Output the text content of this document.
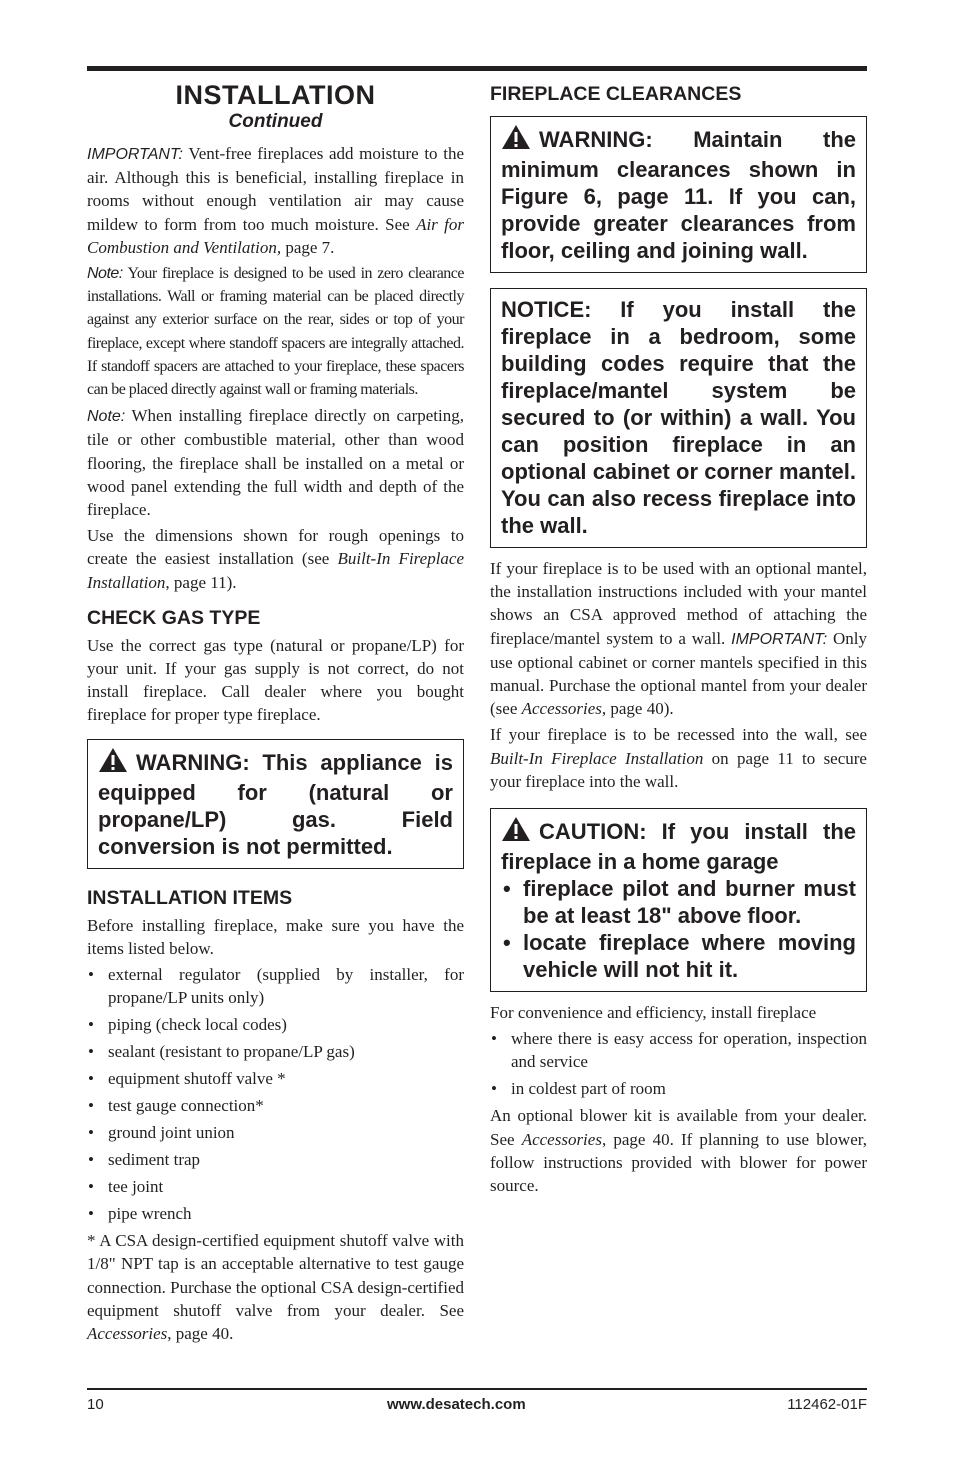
INSTALLATION
Continued

IMPORTANT: Vent-free fireplaces add moisture to the air. Although this is beneficial, installing fireplace in rooms without enough ventilation air may cause mildew to form from too much moisture. See Air for Combustion and Ventilation, page 7.

Note: Your fireplace is designed to be used in zero clearance installations. Wall or framing material can be placed directly against any exterior surface on the rear, sides or top of your fireplace, except where standoff spacers are integrally attached. If standoff spacers are attached to your fireplace, these spacers can be placed directly against wall or framing materials.

Note: When installing fireplace directly on carpeting, tile or other combustible material, other than wood flooring, the fireplace shall be installed on a metal or wood panel extending the full width and depth of the fireplace.

Use the dimensions shown for rough openings to create the easiest installation (see Built-In Fireplace Installation, page 11).

CHECK GAS TYPE

Use the correct gas type (natural or propane/LP) for your unit. If your gas supply is not correct, do not install fireplace. Call dealer where you bought fireplace for proper type fireplace.

WARNING: This appliance is equipped for (natural or propane/LP) gas. Field conversion is not permitted.
INSTALLATION ITEMS

Before installing fireplace, make sure you have the items listed below.

• external regulator (supplied by installer, for propane/LP units only)
• piping (check local codes)
• sealant (resistant to propane/LP gas)
• equipment shutoff valve *
• test gauge connection*
• ground joint union
• sediment trap
• tee joint
• pipe wrench

* A CSA design-certified equipment shutoff valve with 1/8" NPT tap is an acceptable alternative to test gauge connection. Purchase the optional CSA design-certified equipment shutoff valve from your dealer. See Accessories, page 40.

FIREPLACE CLEARANCES
WARNING: Maintain the minimum clearances shown in Figure 6, page 11. If you can, provide greater clearances from floor, ceiling and joining wall.
NOTICE: If you install the fireplace in a bedroom, some building codes require that the fireplace/mantel system be secured to (or within) a wall. You can position fireplace in an optional cabinet or corner mantel. You can also recess fireplace into the wall.

If your fireplace is to be used with an optional mantel, the installation instructions included with your mantel shows an CSA approved method of attaching the fireplace/mantel system to a wall. IMPORTANT: Only use optional cabinet or corner mantels specified in this manual. Purchase the optional mantel from your dealer (see Accessories, page 40).

If your fireplace is to be recessed into the wall, see Built-In Fireplace Installation on page 11 to secure your fireplace into the wall.

CAUTION: If you install the fireplace in a home garage
• fireplace pilot and burner must be at least 18" above floor.
• locate fireplace where moving vehicle will not hit it.

For convenience and efficiency, install fireplace

• where there is easy access for operation, inspection and service
• in coldest part of room

An optional blower kit is available from your dealer. See Accessories, page 40. If planning to use blower, follow instructions provided with blower for power source.

10	www.desatech.com	112462-01F
